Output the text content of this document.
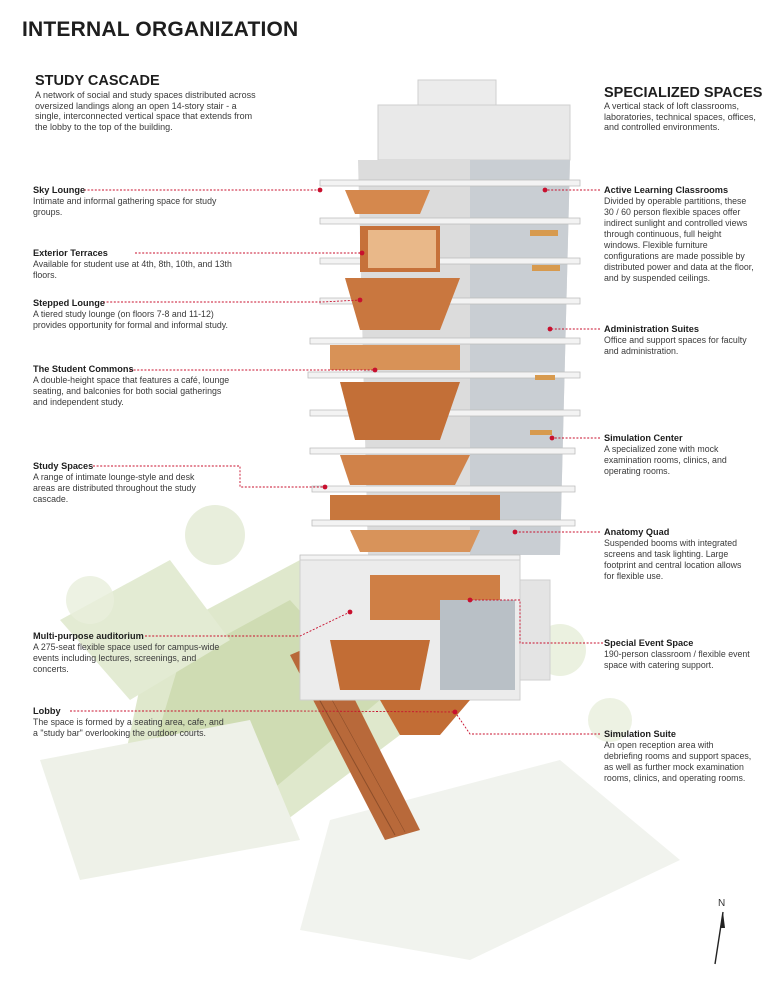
INTERNAL ORGANIZATION
STUDY CASCADE
A network of social and study spaces distributed across oversized landings along an open 14-story stair - a single, interconnected vertical space that extends from the lobby to the top of the building.
SPECIALIZED SPACES
A vertical stack of loft classrooms, laboratories, technical spaces, offices, and controlled environments.
Sky Lounge
Intimate and informal gathering space for study groups.
Exterior Terraces
Available for student use at 4th, 8th, 10th, and 13th floors.
Stepped Lounge
A tiered study lounge (on floors 7-8 and 11-12) provides opportunity for formal and informal study.
The Student Commons
A double-height space that features a café, lounge seating, and balconies for both social gatherings and independent study.
Study Spaces
A range of intimate lounge-style and desk areas are distributed throughout the study cascade.
Multi-purpose auditorium
A 275-seat flexible space used for campus-wide events including lectures, screenings, and concerts.
Lobby
The space is formed by a seating area, cafe, and a "study bar" overlooking the outdoor courts.
Active Learning Classrooms
Divided by operable partitions, these 30 / 60 person flexible spaces offer indirect sunlight and controlled views through continuous, full height windows. Flexible furniture configurations are made possible by distributed power and data at the floor, and by suspended ceilings.
Administration Suites
Office and support spaces for faculty and administration.
Simulation Center
A specialized zone with mock examination rooms, clinics, and operating rooms.
Anatomy Quad
Suspended booms with integrated screens and task lighting. Large footprint and central location allows for flexible use.
Special Event Space
190-person classroom / flexible event space with catering support.
Simulation Suite
An open reception area with debriefing rooms and support spaces, as well as further mock examination rooms, clinics, and operating rooms.
N
